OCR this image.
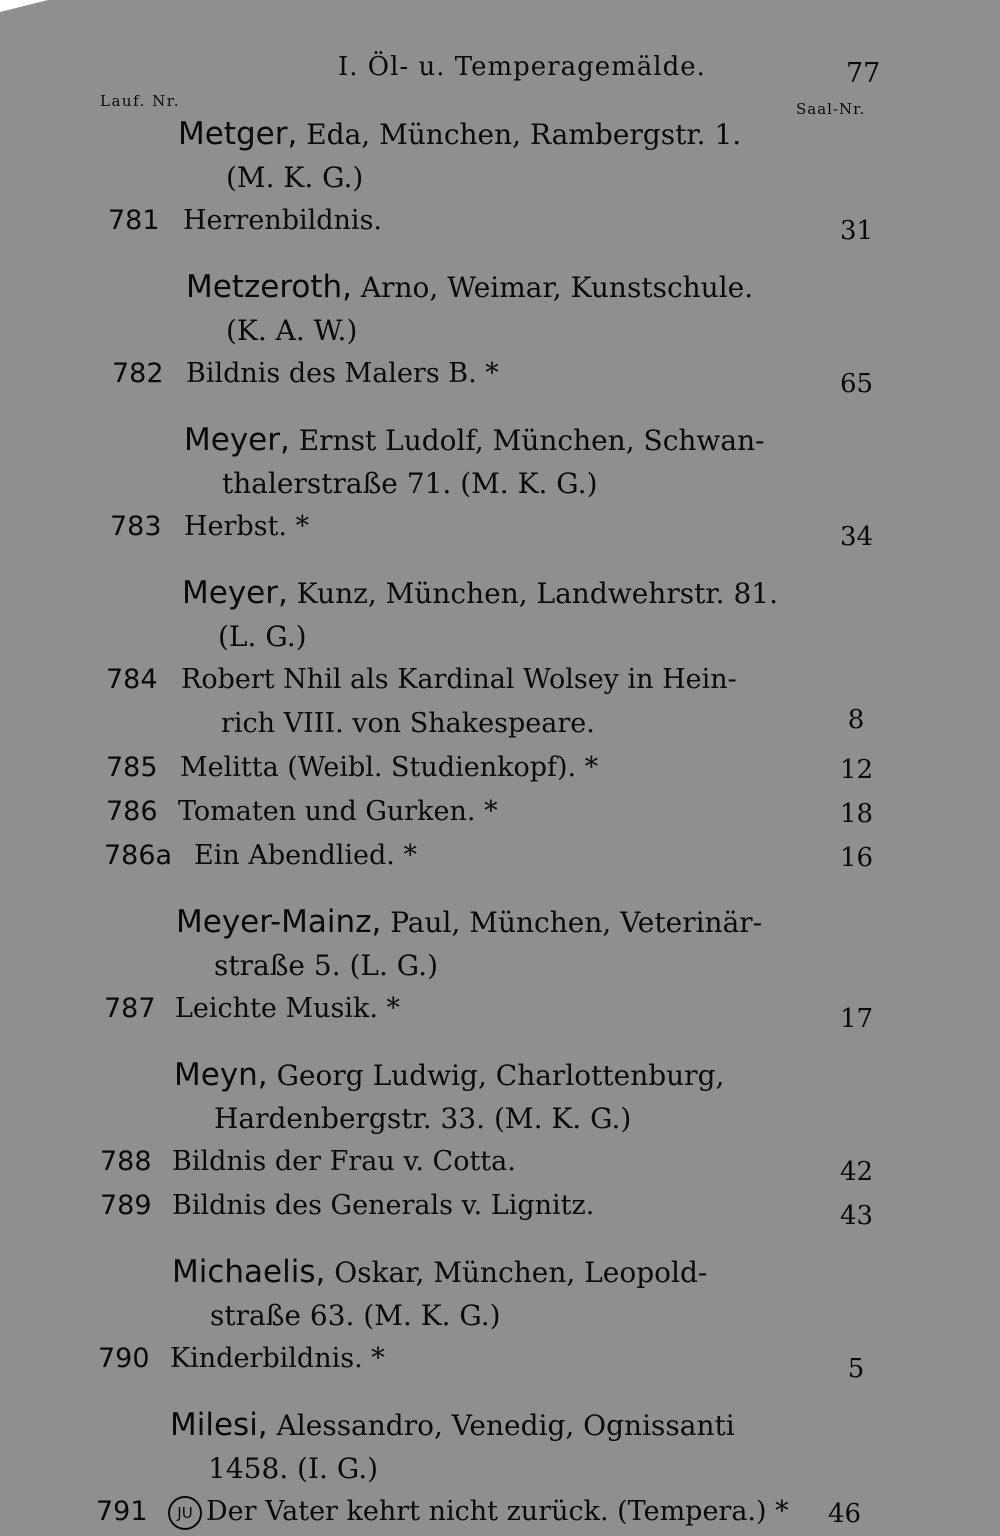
I. Öl- u. Temperagemälde.	77
Lauf. Nr.	Saal-Nr.
Metger, Eda, München, Rambergstr. 1.
(M. K. G.)
781 Herrenbildnis.	31
Metzeroth, Arno, Weimar, Kunstschule.
(K. A. W.)
782 Bildnis des Malers B. *	65
Meyer, Ernst Ludolf, München, Schwan-
thalerstraße 71. (M. K. G.)
783 Herbst. *	34
Meyer, Kunz, München, Landwehrstr. 81.
(L. G.)
784 Robert Nhil als Kardinal Wolsey in Hein-
rich VIII. von Shakespeare.	8
785 Melitta (Weibl. Studienkopf). *	12
786 Tomaten und Gurken. *	18
786a Ein Abendlied. *	16
Meyer-Mainz, Paul, München, Veterinär-
straße 5. (L. G.)
787 Leichte Musik. *	17
Meyn, Georg Ludwig, Charlottenburg,
Hardenbergstr. 33. (M. K. G.)
788 Bildnis der Frau v. Cotta.	42
789 Bildnis des Generals v. Lignitz.	43
Michaelis, Oskar, München, Leopold-
straße 63. (M. K. G.)
790 Kinderbildnis. *	5
Milesi, Alessandro, Venedig, Ognissanti
1458. (I. G.)
791	JU Der Vater kehrt nicht zurück. (Tempera.) *	46
